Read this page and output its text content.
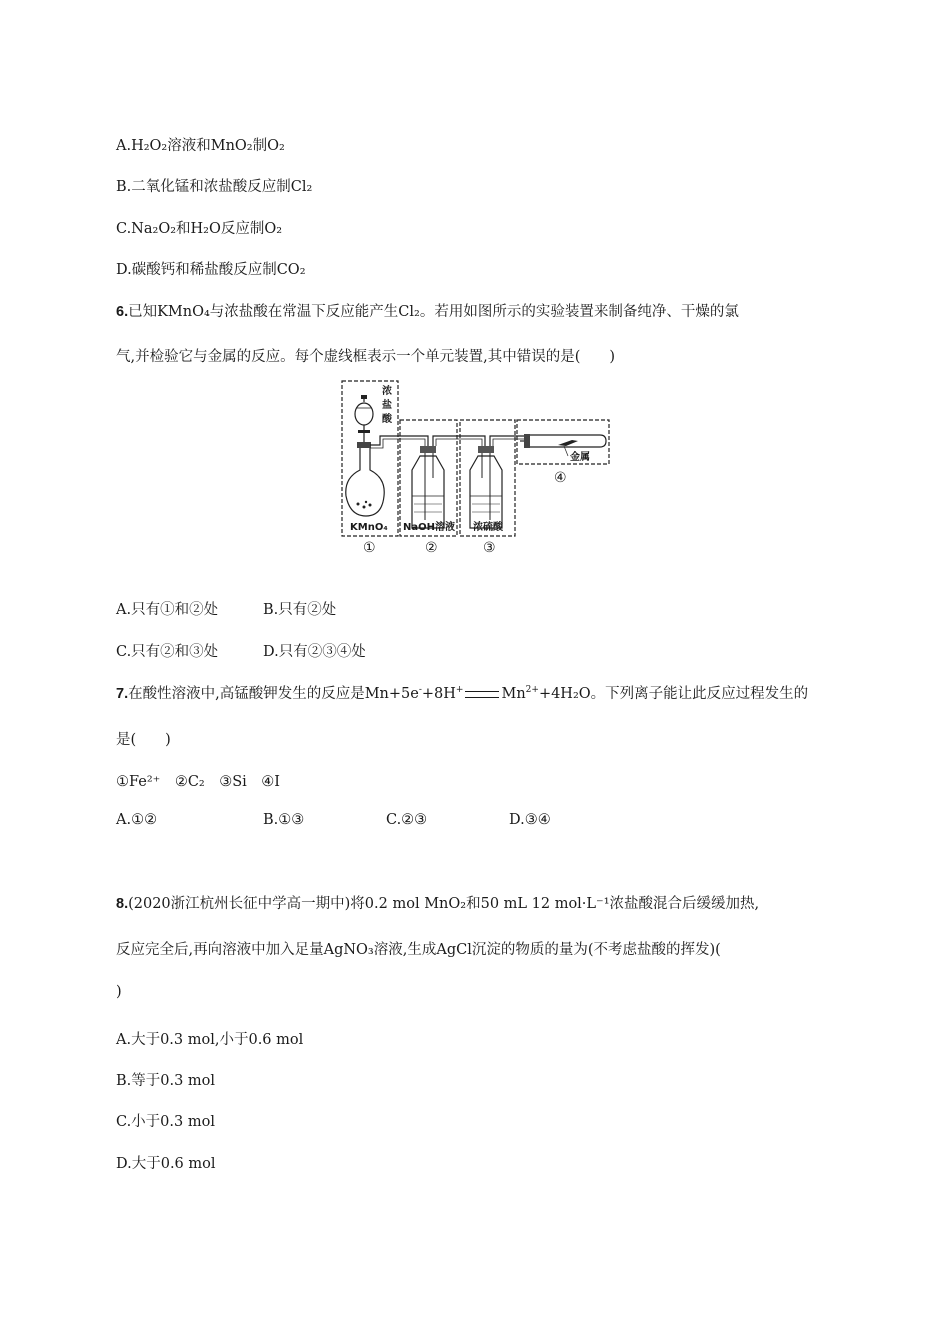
A.H₂O₂溶液和MnO₂制O₂
B.二氧化锰和浓盐酸反应制Cl₂
C.Na₂O₂和H₂O反应制O₂
D.碳酸钙和稀盐酸反应制CO₂
6.已知KMnO₄与浓盐酸在常温下反应能产生Cl₂。若用如图所示的实验装置来制备纯净、干燥的氯
气,并检验它与金属的反应。每个虚线框表示一个单元装置,其中错误的是(　　)
浓
盐
酸
KMnO₄ NaOH溶液 浓硫酸
金属
④
①	②	③
A.只有①和②处	B.只有②处
C.只有②和③处	D.只有②③④处
7.在酸性溶液中,高锰酸钾发生的反应是Mn+5e-+8H+	$Mn^{2+}+4H_2O$。下列离子能让此反应过程发生的
是(　　)
①Fe²⁺　②C₂　③Si　④I
A.①②	B.①③	C.②③	D.③④
8.(2020浙江杭州长征中学高一期中)将0.2 mol MnO₂和50 mL 12 mol·L⁻¹浓盐酸混合后缓缓加热,
反应完全后,再向溶液中加入足量AgNO₃溶液,生成AgCl沉淀的物质的量为(不考虑盐酸的挥发)(
)
A.大于0.3 mol,小于0.6 mol
B.等于0.3 mol
C.小于0.3 mol
D.大于0.6 mol
